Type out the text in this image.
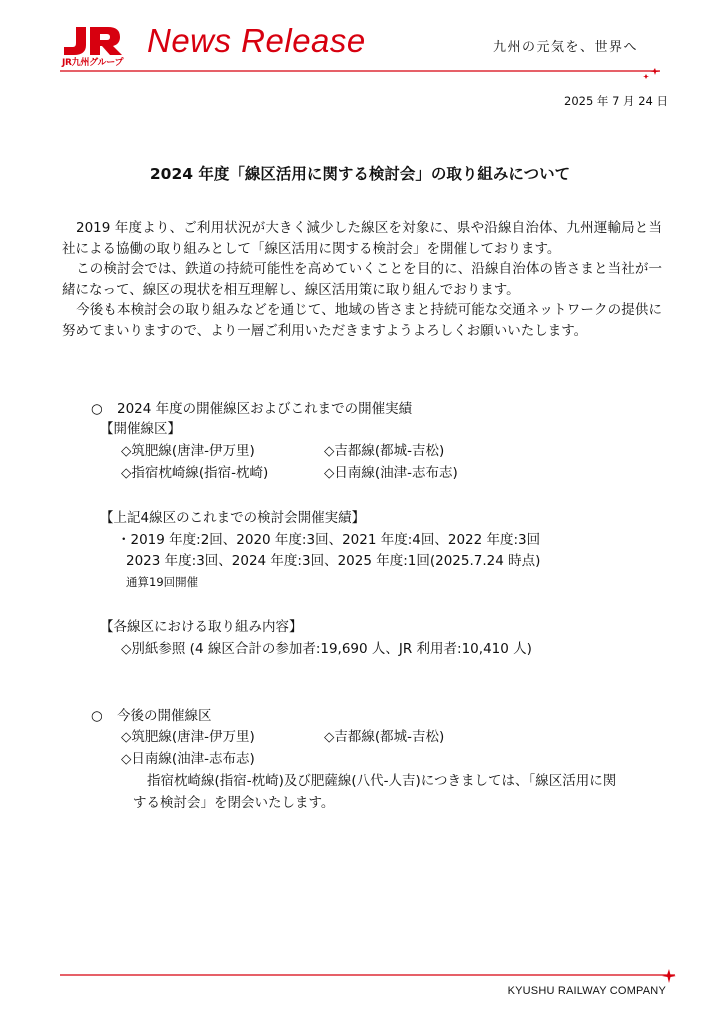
JR九州グループ
News Release	九州の元気を、世界へ
2025 年 7 月 24 日
2024 年度「線区活用に関する検討会」の取り組みについて
2019 年度より、ご利用状況が大きく減少した線区を対象に、県や沿線自治体、九州運輸局と当社による協働の取り組みとして「線区活用に関する検討会」を開催しております。
この検討会では、鉄道の持続可能性を高めていくことを目的に、沿線自治体の皆さまと当社が一緒になって、線区の現状を相互理解し、線区活用策に取り組んでおります。
今後も本検討会の取り組みなどを通じて、地域の皆さまと持続可能な交通ネットワークの提供に努めてまいりますので、より一層ご利用いただきますようよろしくお願いいたします。
○ 2024 年度の開催線区およびこれまでの開催実績
【開催線区】
◇筑肥線(唐津-伊万里)	◇吉都線(都城-吉松)
◇指宿枕崎線(指宿-枕崎)	◇日南線(油津-志布志)
【上記4線区のこれまでの検討会開催実績】
・2019 年度:2回、2020 年度:3回、2021 年度:4回、2022 年度:3回
2023 年度:3回、2024 年度:3回、2025 年度:1回(2025.7.24 時点)
通算19回開催
【各線区における取り組み内容】
◇別紙参照 (4 線区合計の参加者:19,690 人、JR 利用者:10,410 人)
○ 今後の開催線区
◇筑肥線(唐津-伊万里)	◇吉都線(都城-吉松)
◇日南線(油津-志布志)
指宿枕崎線(指宿-枕崎)及び肥薩線(八代-人吉)につきましては、「線区活用に関
する検討会」を閉会いたします。
KYUSHU RAILWAY COMPANY
